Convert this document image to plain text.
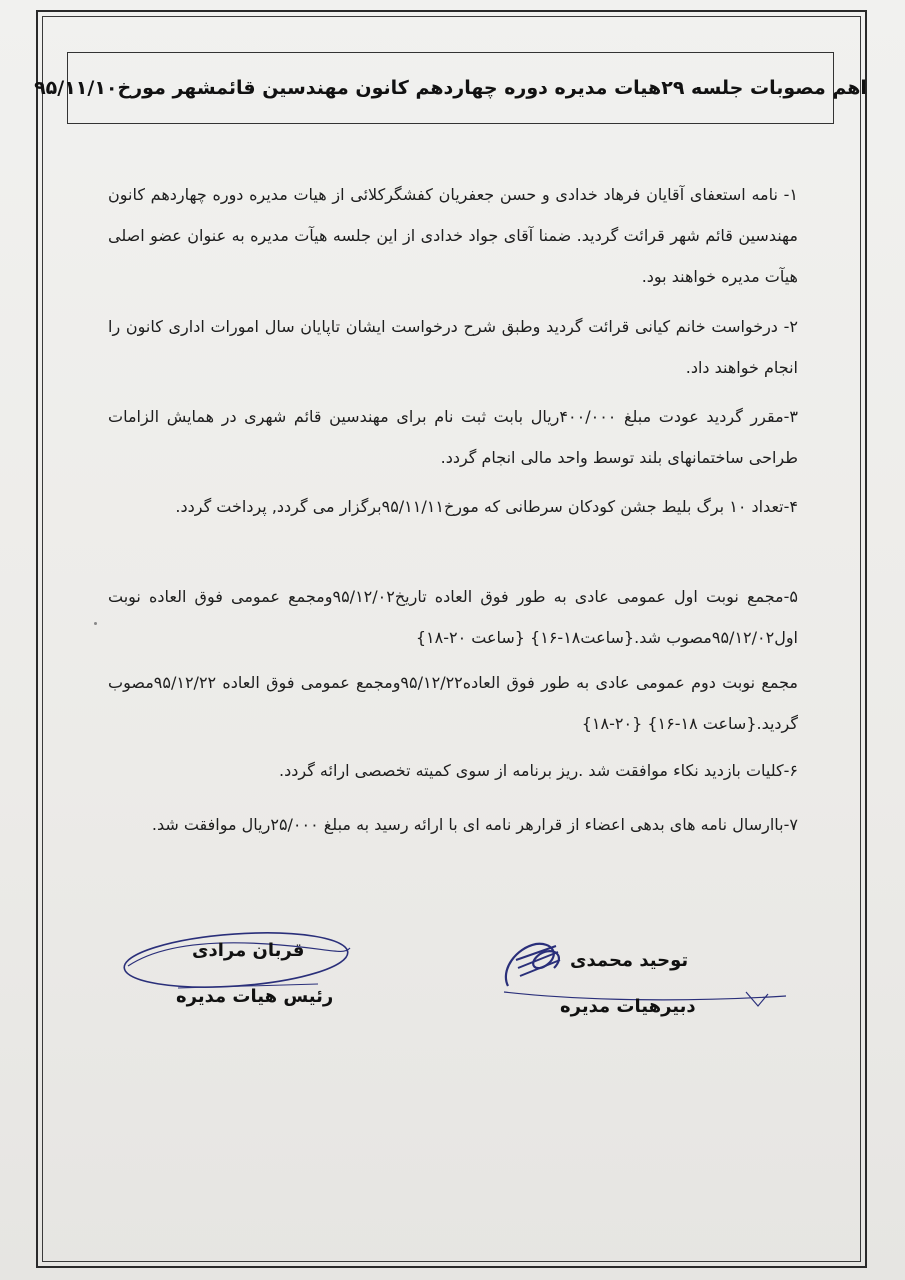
اهم مصوبات جلسه ۲۹هیات مدیره دوره چهاردهم کانون مهندسین قائمشهر مورخ۹۵/۱۱/۱۰
۱- نامه استعفای آقایان فرهاد خدادی و حسن جعفریان کفشگرکلائی از هیات مدیره دوره چهاردهم کانون مهندسین قائم شهر قرائت گردید. ضمنا آقای جواد خدادی از این جلسه هیآت مدیره به عنوان عضو اصلی هیآت مدیره خواهند بود.
۲- درخواست خانم کیانی قرائت گردید وطبق شرح درخواست ایشان تاپایان سال امورات اداری کانون را انجام خواهند داد.
۳-مقرر گردید عودت مبلغ ۴۰۰/۰۰۰ریال بابت ثبت نام برای مهندسین قائم شهری در همایش الزامات طراحی ساختمانهای بلند توسط واحد مالی انجام گردد.
۴-تعداد ۱۰ برگ بلیط جشن کودکان سرطانی که مورخ۹۵/۱۱/۱۱برگزار می گردد, پرداخت گردد.
۵-مجمع نوبت اول عمومی عادی به طور فوق العاده تاریخ۹۵/۱۲/۰۲ومجمع عمومی فوق العاده نوبت اول۹۵/۱۲/۰۲مصوب شد.{ساعت۱۸-۱۶} {ساعت ۲۰-۱۸}
مجمع نوبت دوم عمومی عادی به طور فوق العاده۹۵/۱۲/۲۲ومجمع عمومی فوق العاده ۹۵/۱۲/۲۲مصوب گردید.{ساعت ۱۸-۱۶} {۲۰-۱۸}
۶-کلیات بازدید نکاء موافقت شد .ریز برنامه از سوی کمیته تخصصی ارائه گردد.
۷-باارسال نامه های بدهی اعضاء از قرارهر نامه ای با ارائه رسید به مبلغ ۲۵/۰۰۰ریال موافقت شد.
قربان مرادی
رئیس هیات مدیره
توحید محمدی
دبیرهیات مدیره
